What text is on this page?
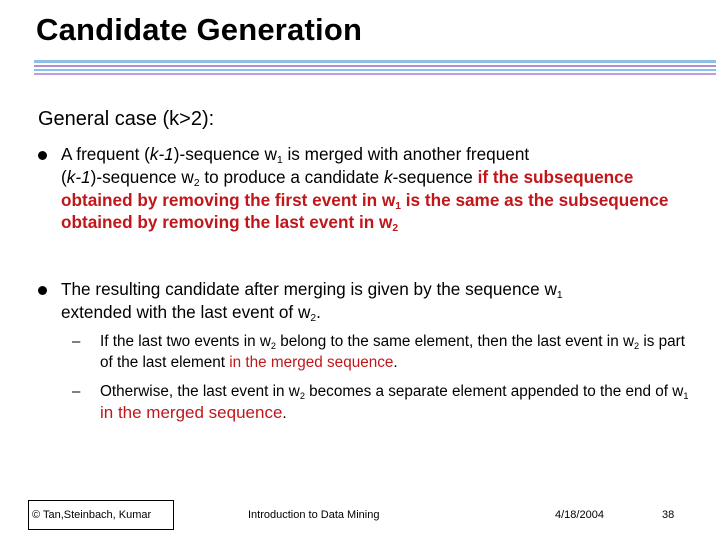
Candidate Generation
General case (k>2):
A frequent (k-1)-sequence $w_1$ is merged with another frequent
(k-1)-sequence $w_2$ to produce a candidate k-sequence if the subsequence obtained by removing the first event in $w_1$ is the same as the subsequence obtained by removing the last event in $w_2$
The resulting candidate after merging is given by the sequence $w_1$
extended with the last event of $w_2$.
– If the last two events in $w_2$ belong to the same element, then the last event in $w_2$ is part of the last element in the merged sequence.
– Otherwise, the last event in $w_2$ becomes a separate element appended to the end of $w_1$ in the merged sequence.
© Tan,Steinbach, Kumar	Introduction to Data Mining	4/18/2004	38
